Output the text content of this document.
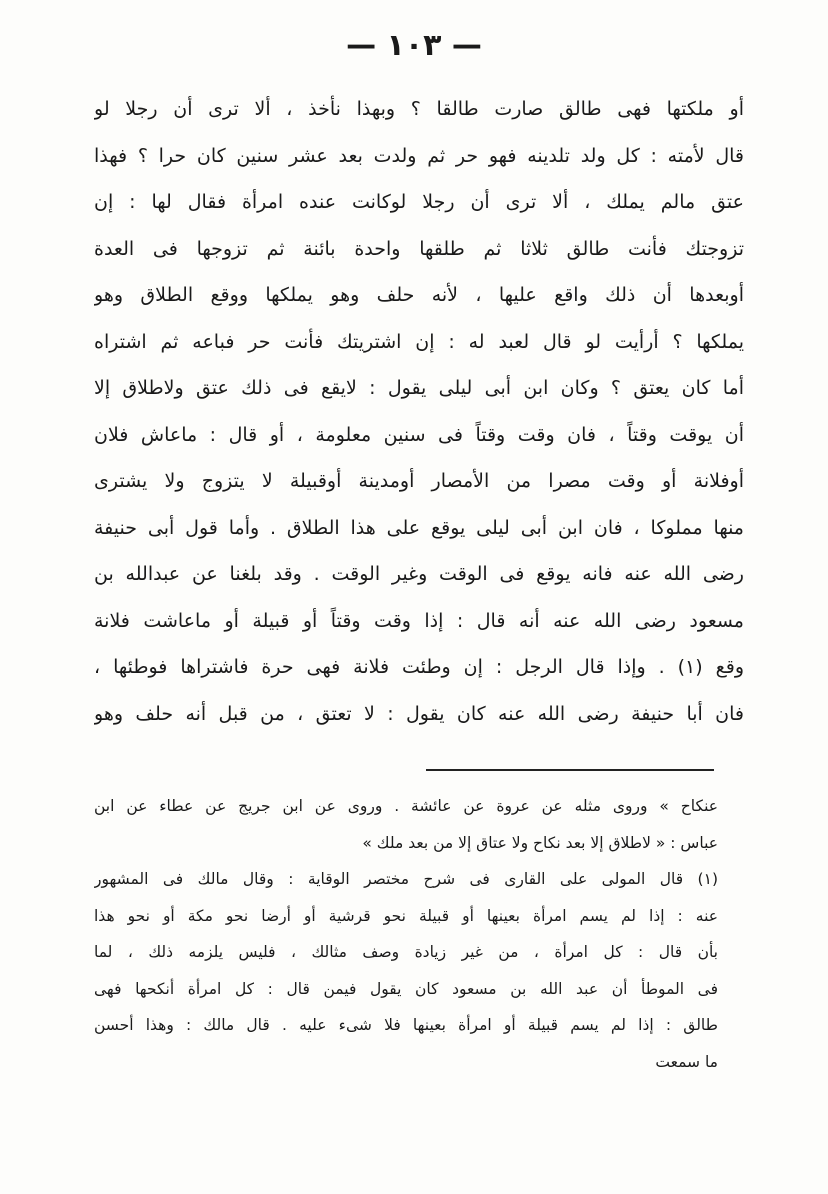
— ١٠٣ —
أو ملكتها فهى طالق صارت طالقا ؟ وبهذا نأخذ ، ألا ترى أن رجلا لو
قال لأمته : كل ولد تلدينه فهو حر ثم ولدت بعد عشر سنين كان حرا ؟ فهذا
عتق مالم يملك ، ألا ترى أن رجلا لوكانت عنده امرأة فقال لها : إن
تزوجتك فأنت طالق ثلاثا ثم طلقها واحدة بائنة ثم تزوجها فى العدة
أوبعدها أن ذلك واقع عليها ، لأنه حلف وهو يملكها ووقع الطلاق وهو
يملكها ؟ أرأيت لو قال لعبد له : إن اشتريتك فأنت حر فباعه ثم اشتراه
أما كان يعتق ؟ وكان ابن أبى ليلى يقول : لايقع فى ذلك عتق ولاطلاق إلا
أن يوقت وقتاً ، فان وقت وقتاً فى سنين معلومة ، أو قال : ماعاش فلان
أوفلانة أو وقت مصرا من الأمصار أومدينة أوقبيلة لا يتزوج ولا يشترى
منها مملوكا ، فان ابن أبى ليلى يوقع على هذا الطلاق . وأما قول أبى حنيفة
رضى الله عنه فانه يوقع فى الوقت وغير الوقت . وقد بلغنا عن عبدالله بن
مسعود رضى الله عنه أنه قال : إذا وقت وقتاً أو قبيلة أو ماعاشت فلانة
وقع (١) . وإذا قال الرجل : إن وطئت فلانة فهى حرة فاشتراها فوطئها ،
فان أبا حنيفة رضى الله عنه كان يقول : لا تعتق ، من قبل أنه حلف وهو
عنكاح » وروى مثله عن عروة عن عائشة . وروى عن ابن جريج عن عطاء عن ابن
عباس : « لاطلاق إلا بعد نكاح ولا عتاق إلا من بعد ملك »
(١) قال المولى على القارى فى شرح مختصر الوقاية : وقال مالك فى المشهور
عنه : إذا لم يسم امرأة بعينها أو قبيلة نحو قرشية أو أرضا نحو مكة أو نحو هذا
بأن قال : كل امرأة ، من غير زيادة وصف مثالك ، فليس يلزمه ذلك ، لما
فى الموطأ أن عبد الله بن مسعود كان يقول فيمن قال : كل امرأة أنكحها فهى
طالق : إذا لم يسم قبيلة أو امرأة بعينها فلا شىء عليه . قال مالك : وهذا أحسن
ما سمعت
